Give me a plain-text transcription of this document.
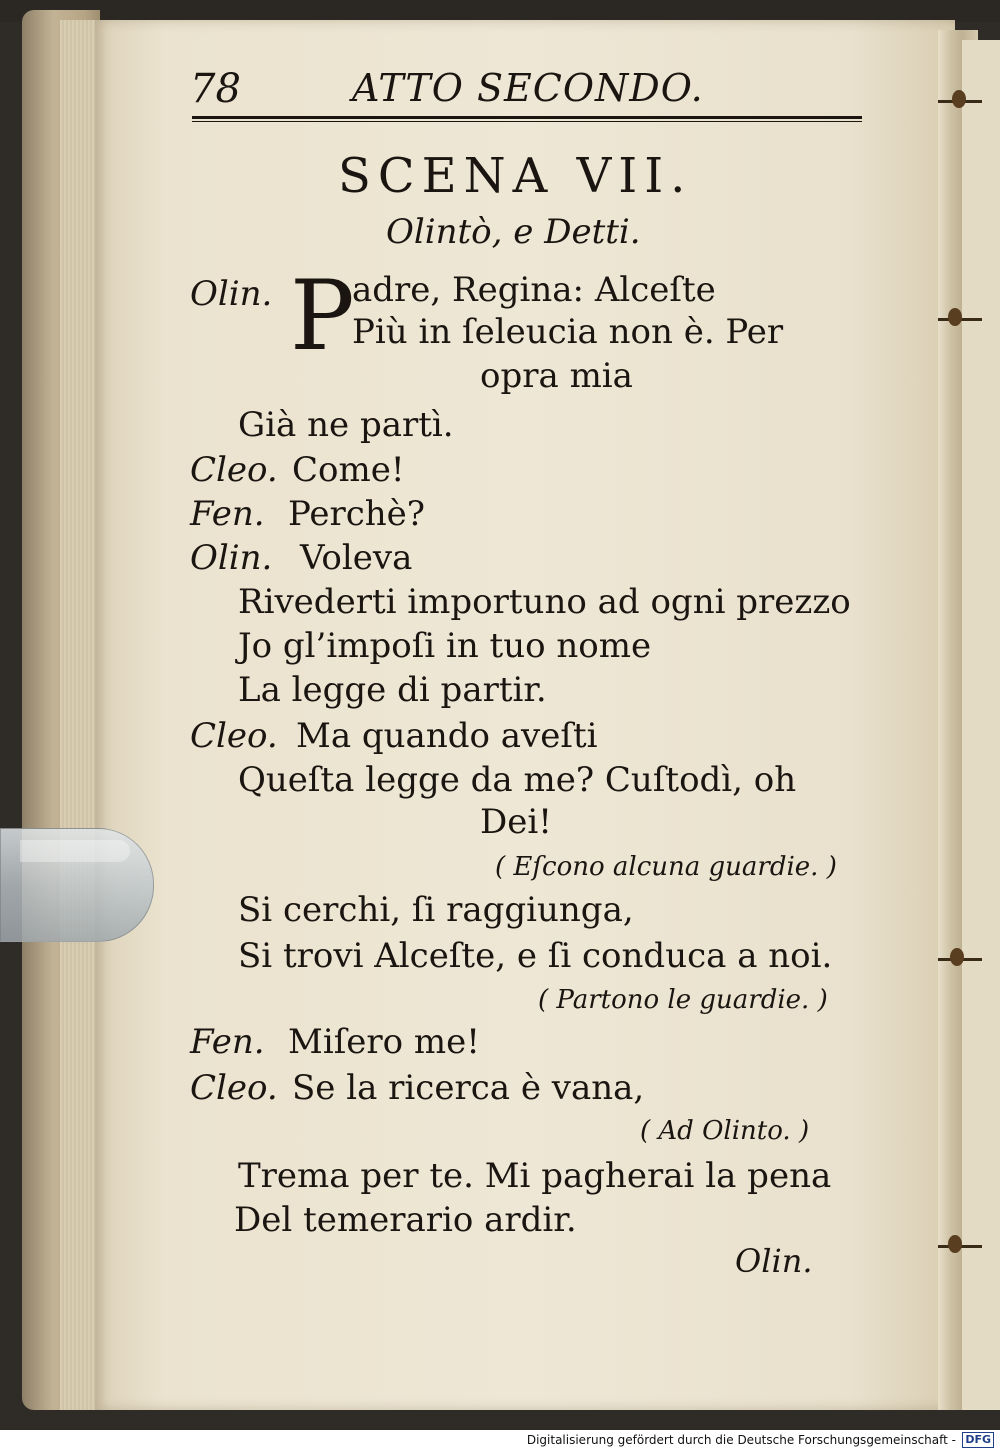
78	ATTO SECONDO.
SCENA VII.
Olintò, e Detti.
Olin. P
adre, Regina: Alceſte
Più in ſeleucia non è. Per
opra mia
Già ne partì.
Cleo. Come!
Fen. Perchè?
Olin. Voleva
Rivederti importuno ad ogni prezzo
Jo gl’impoſi in tuo nome
La legge di partir.
Cleo. Ma quando aveſti
Queſta legge da me? Cuſtodì, oh
Dei!
( Eſcono alcuna guardie. )
Si cerchi, ſi raggiunga,
Si trovi Alceſte, e ſi conduca a noi.
( Partono le guardie. )
Fen. Miſero me!
Cleo. Se la ricerca è vana,
( Ad Olinto. )
Trema per te. Mi pagherai la pena
Del temerario ardir.
Olin.
Digitalisierung gefördert durch die Deutsche Forschungsgemeinschaft - DFG
